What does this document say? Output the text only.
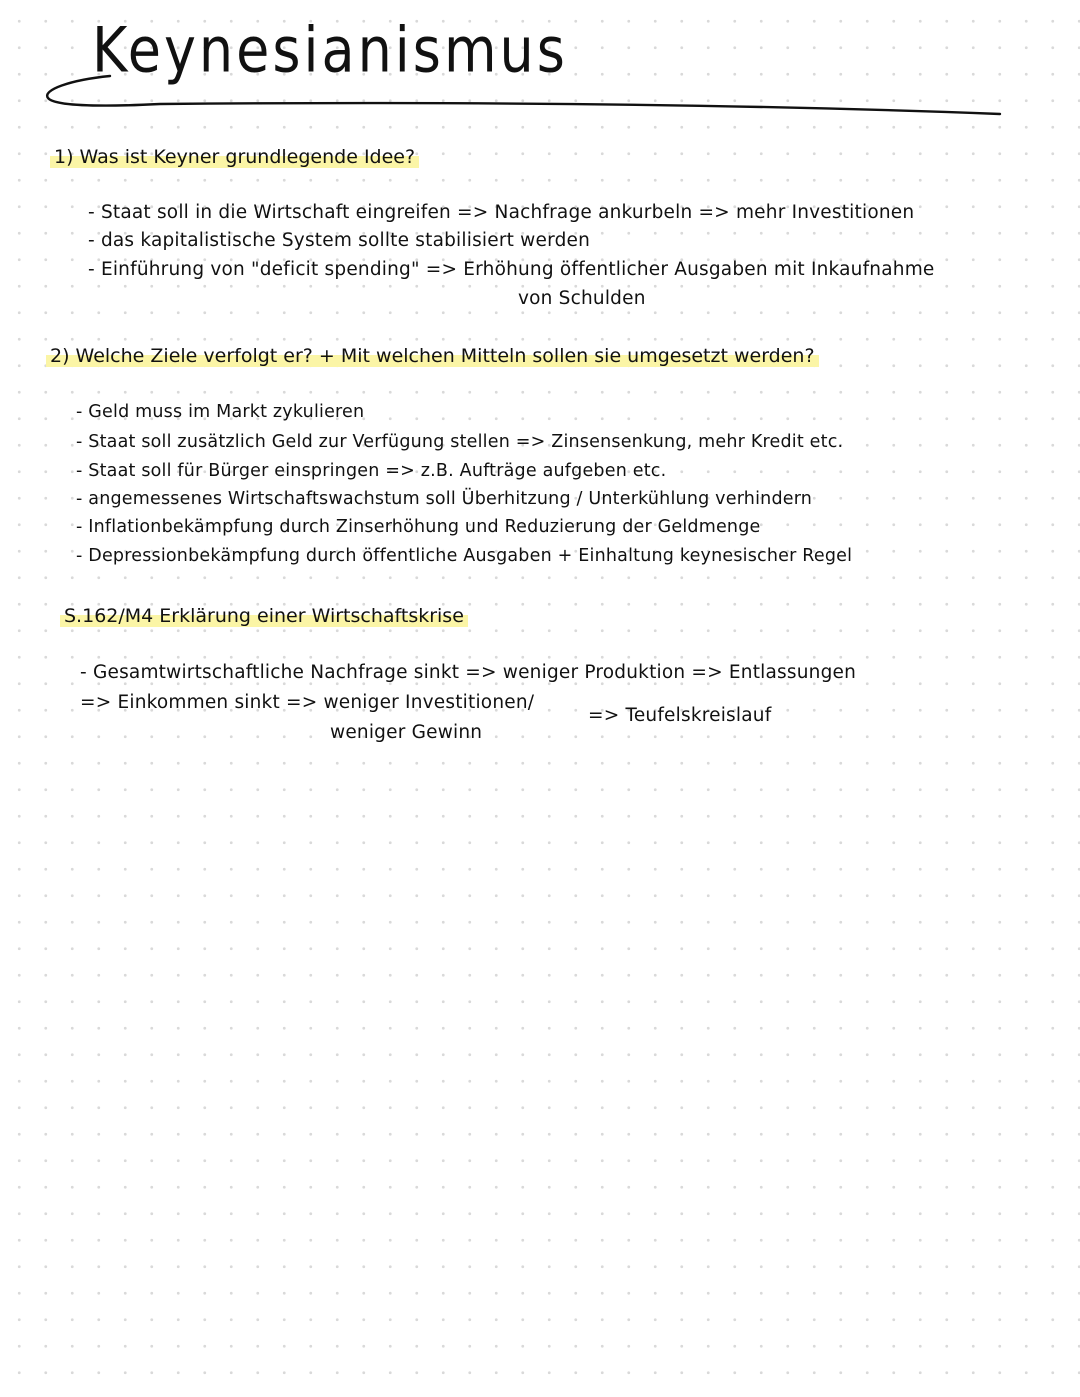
Keynesianismus
1) Was ist Keyner grundlegende Idee?
- Staat soll in die Wirtschaft eingreifen => Nachfrage ankurbeln => mehr Investitionen
- das kapitalistische System sollte stabilisiert werden
- Einführung von "deficit spending" => Erhöhung öffentlicher Ausgaben mit Inkaufnahme
von Schulden
2) Welche Ziele verfolgt er? + Mit welchen Mitteln sollen sie umgesetzt werden?
- Geld muss im Markt zykulieren
- Staat soll zusätzlich Geld zur Verfügung stellen => Zinsensenkung, mehr Kredit etc.
- Staat soll für Bürger einspringen => z.B. Aufträge aufgeben etc.
- angemessenes Wirtschaftswachstum soll Überhitzung / Unterkühlung verhindern
- Inflationbekämpfung durch Zinserhöhung und Reduzierung der Geldmenge
- Depressionbekämpfung durch öffentliche Ausgaben + Einhaltung keynesischer Regel
S.162/M4 Erklärung einer Wirtschaftskrise
- Gesamtwirtschaftliche Nachfrage sinkt => weniger Produktion => Entlassungen
=> Einkommen sinkt => weniger Investitionen/
=> Teufelskreislauf
weniger Gewinn
